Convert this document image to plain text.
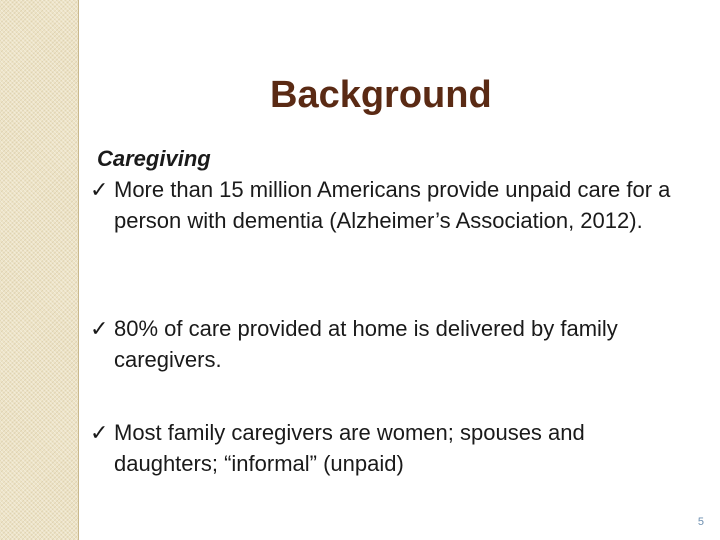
Background
Caregiving
✓ More than 15 million Americans provide unpaid care for a person with dementia (Alzheimer’s Association, 2012).
✓ 80% of care provided at home is delivered by family caregivers.
✓ Most family caregivers are women; spouses and daughters; “informal” (unpaid)
5
